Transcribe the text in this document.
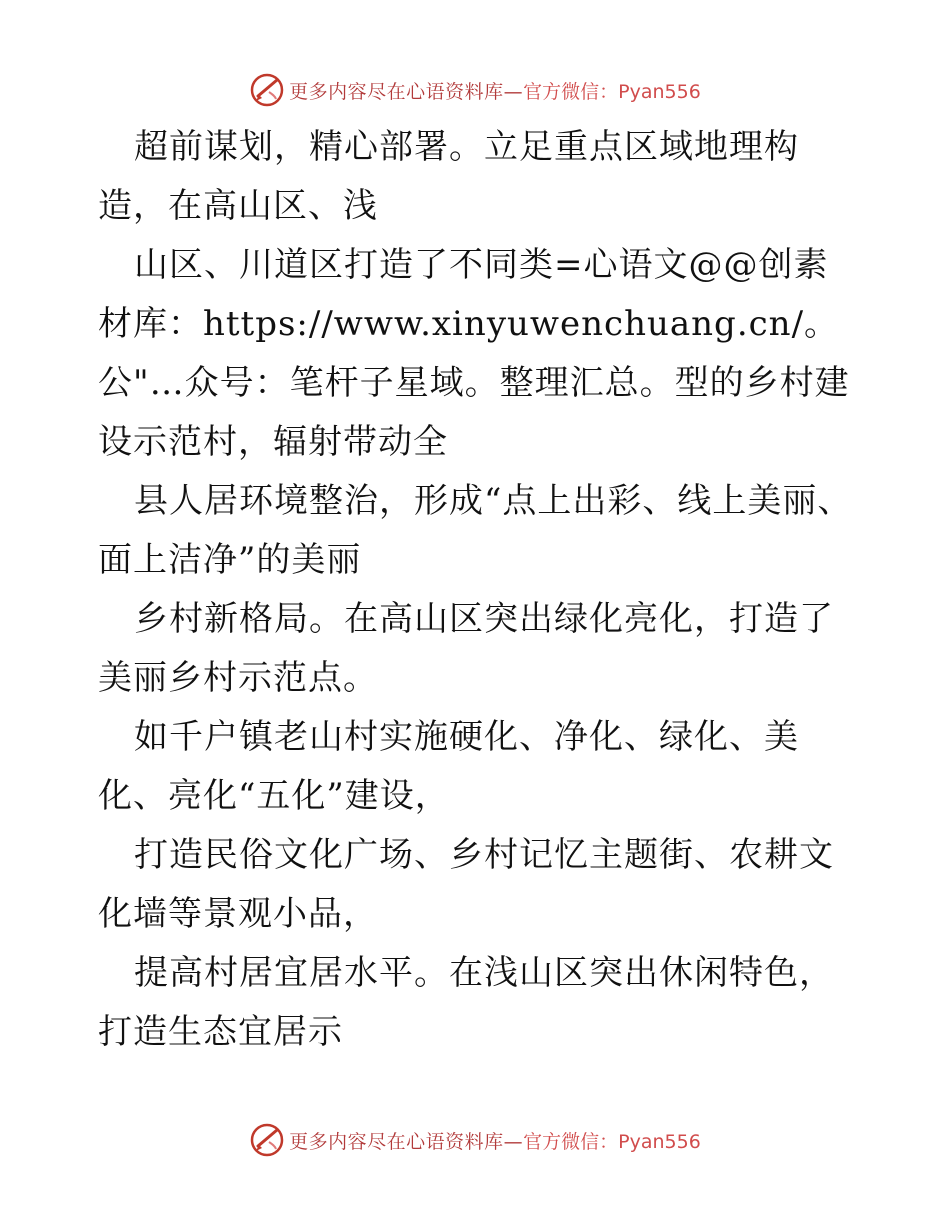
更多内容尽在心语资料库— 官方微信：Pyan556

超前谋划，精心部署。立足重点区域地理构造，在高山区、浅

山区、川道区打造了不同类=心语文@@创素材库：https://www.xinyuwenchuang.cn/。公"…众号：笔杆子星域。整理汇总。型的乡村建设示范村，辐射带动全

县人居环境整治，形成“点上出彩、线上美丽、面上洁净”的美丽

乡村新格局。在高山区突出绿化亮化，打造了美丽乡村示范点。

如千户镇老山村实施硬化、净化、绿化、美化、亮化“五化”建设，

打造民俗文化广场、乡村记忆主题街、农耕文化墙等景观小品，

提高村居宜居水平。在浅山区突出休闲特色，打造生态宜居示

更多内容尽在心语资料库— 官方微信：Pyan556
